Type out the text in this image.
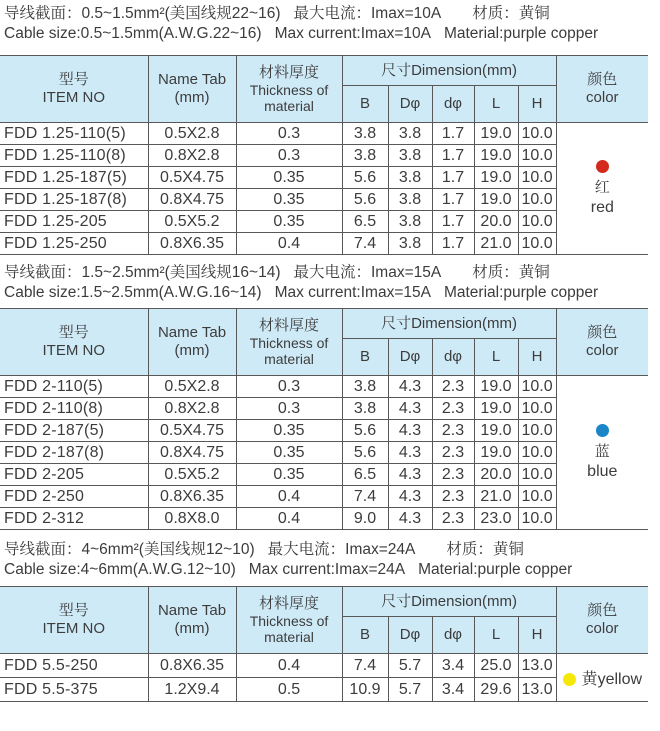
导线截面：0.5~1.5mm²(美国线规22~16) 最大电流：Imax=10A 材质：黄铜
Cable size:0.5~1.5mm(A.W.G.22~16) Max current:Imax=10A Material:purple copper
型号
ITEM NO

Name Tab
(mm)

材料厚度
Thickness of
material
	尺寸Dimension(mm)	
颜色
color

			B	Dφ	dφ	L	H	
FDD 1.25-110(5)	0.5X2.8	0.3	3.8	3.8	1.7	19.0	10.0	红
red

FDD 1.25-110(8)	0.8X2.8	0.3	3.8	3.8	1.7	19.0	10.0	
FDD 1.25-187(5)	0.5X4.75	0.35	5.6	3.8	1.7	19.0	10.0	
FDD 1.25-187(8)	0.8X4.75	0.35	5.6	3.8	1.7	19.0	10.0	
FDD 1.25-205	0.5X5.2	0.35	6.5	3.8	1.7	20.0	10.0	
FDD 1.25-250	0.8X6.35	0.4	7.4	3.8	1.7	21.0	10.0	
导线截面：1.5~2.5mm²(美国线规16~14) 最大电流：Imax=15A 材质：黄铜
Cable size:1.5~2.5mm(A.W.G.16~14) Max current:Imax=15A Material:purple copper
型号
ITEM NO

Name Tab
(mm)

材料厚度
Thickness of
material
	尺寸Dimension(mm)	
颜色
color

			B	Dφ	dφ	L	H	
FDD 2-110(5)	0.5X2.8	0.3	3.8	4.3	2.3	19.0	10.0	蓝
blue

FDD 2-110(8)	0.8X2.8	0.3	3.8	4.3	2.3	19.0	10.0	
FDD 2-187(5)	0.5X4.75	0.35	5.6	4.3	2.3	19.0	10.0	
FDD 2-187(8)	0.8X4.75	0.35	5.6	4.3	2.3	19.0	10.0	
FDD 2-205	0.5X5.2	0.35	6.5	4.3	2.3	20.0	10.0	
FDD 2-250	0.8X6.35	0.4	7.4	4.3	2.3	21.0	10.0	
FDD 2-312	0.8X8.0	0.4	9.0	4.3	2.3	23.0	10.0	
导线截面：4~6mm²(美国线规12~10) 最大电流：Imax=24A 材质：黄铜
Cable size:4~6mm(A.W.G.12~10) Max current:Imax=24A Material:purple copper
型号
ITEM NO

Name Tab
(mm)

材料厚度
Thickness of
material
	尺寸Dimension(mm)	
颜色
color

			B	Dφ	dφ	L	H	
FDD 5.5-250	0.8X6.35	0.4	7.4	5.7	3.4	25.0	13.0	黄yellow
FDD 5.5-375	1.2X9.4	0.5	10.9	5.7	3.4	29.6	13.0	
